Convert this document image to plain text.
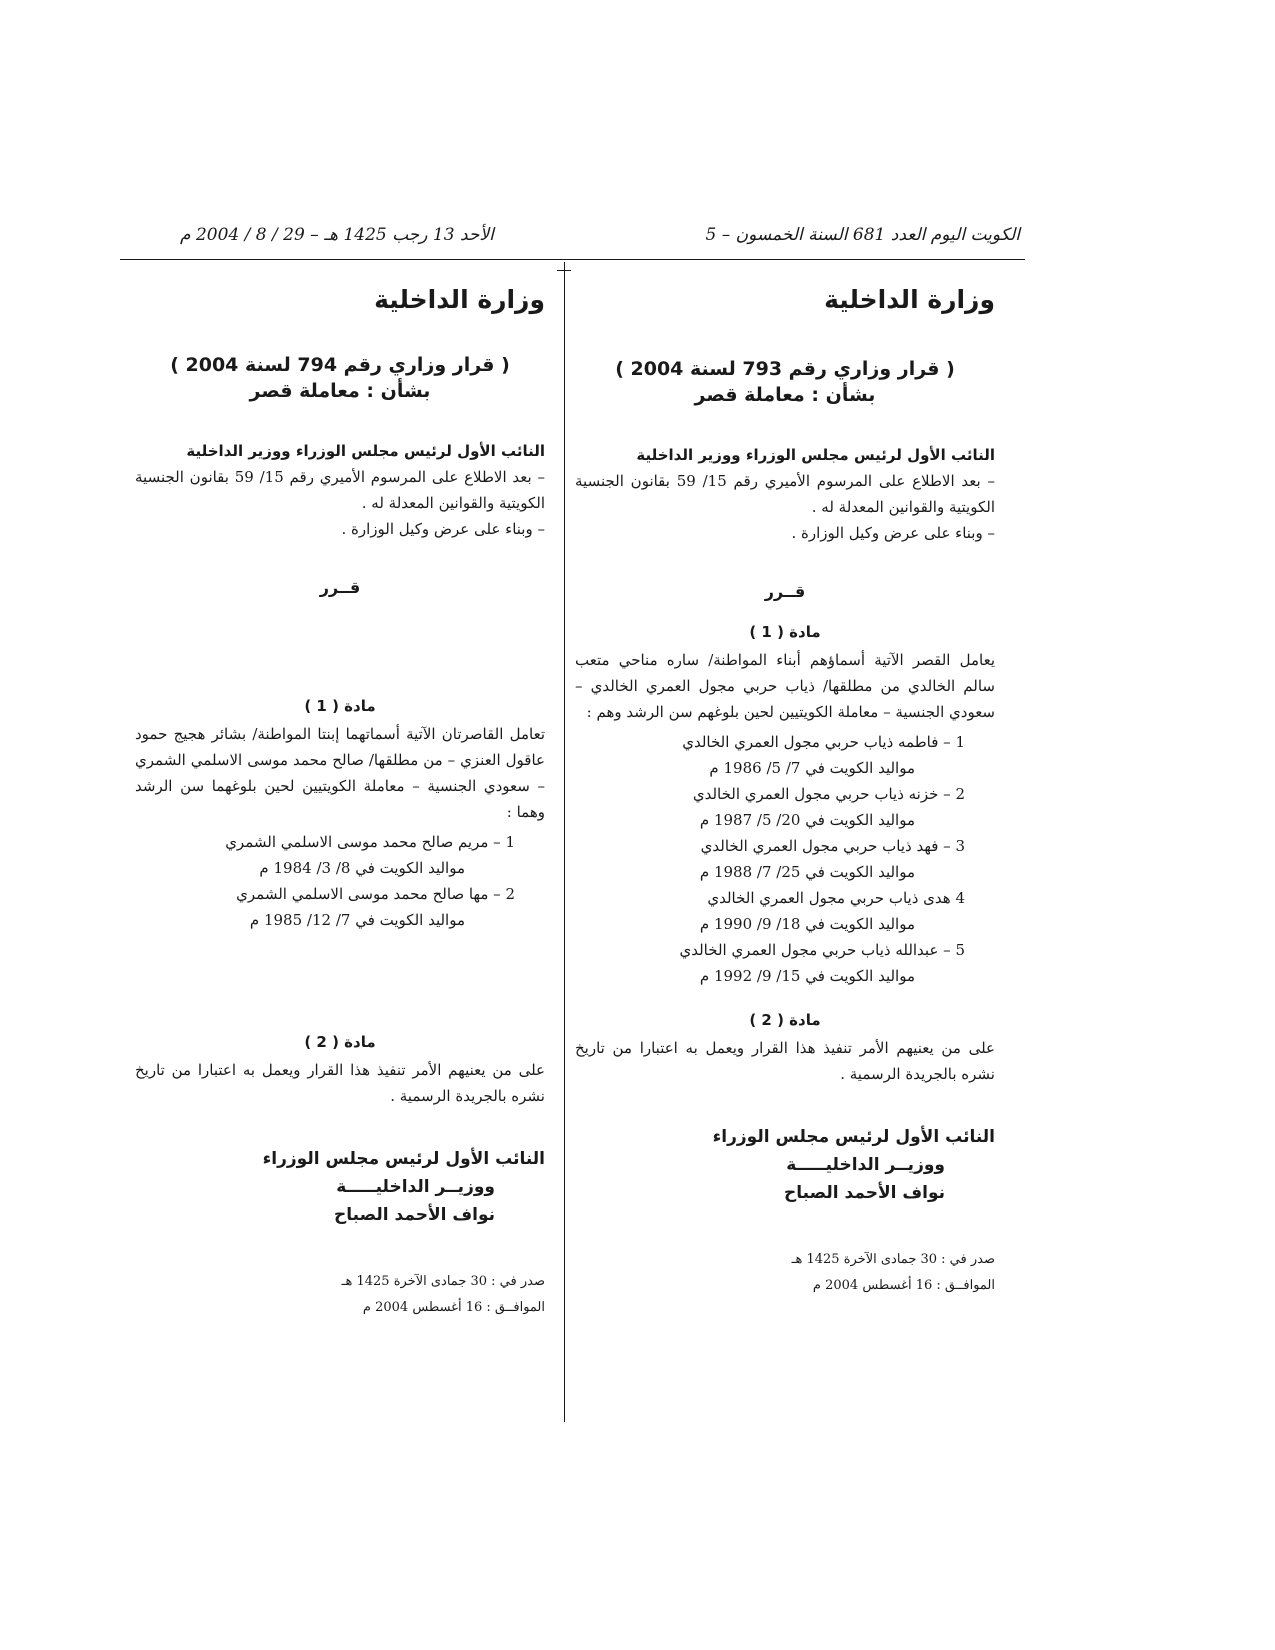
الكويت اليوم العدد 681 السنة الخمسون – 5
الأحد 13 رجب 1425 هـ – 29 / 8 / 2004 م
وزارة الداخلية
( قرار وزاري رقم 793 لسنة 2004 )
بشأن : معاملة قصر
النائب الأول لرئيس مجلس الوزراء ووزير الداخلية

– بعد الاطلاع على المرسوم الأميري رقم 15/ 59 بقانون الجنسية الكويتية والقوانين المعدلة له .

– وبناء على عرض وكيل الوزارة .

قــرر
مادة ( 1 )

يعامل القصر الآتية أسماؤهم أبناء المواطنة/ ساره مناحي متعب سالم الخالدي من مطلقها/ ذياب حربي مجول العمري الخالدي – سعودي الجنسية – معاملة الكويتيين لحين بلوغهم سن الرشد وهم :

1 – فاطمه ذياب حربي مجول العمري الخالدي
مواليد الكويت في 7/ 5/ 1986 م
2 – خزنه ذياب حربي مجول العمري الخالدي
مواليد الكويت في 20/ 5/ 1987 م
3 – فهد ذياب حربي مجول العمري الخالدي
مواليد الكويت في 25/ 7/ 1988 م
4 هدى ذياب حربي مجول العمري الخالدي
مواليد الكويت في 18/ 9/ 1990 م
5 – عبدالله ذياب حربي مجول العمري الخالدي
مواليد الكويت في 15/ 9/ 1992 م
مادة ( 2 )

على من يعنيهم الأمر تنفيذ هذا القرار ويعمل به اعتبارا من تاريخ نشره بالجريدة الرسمية .

النائب الأول لرئيس مجلس الوزراء
ووزيــر الداخليـــــة
نواف الأحمد الصباح
صدر في : 30 جمادى الآخرة 1425 هـ
الموافــق : 16 أغسطس 2004 م
وزارة الداخلية
( قرار وزاري رقم 794 لسنة 2004 )
بشأن : معاملة قصر
النائب الأول لرئيس مجلس الوزراء ووزير الداخلية

– بعد الاطلاع على المرسوم الأميري رقم 15/ 59 بقانون الجنسية الكويتية والقوانين المعدلة له .

– وبناء على عرض وكيل الوزارة .

قــرر
مادة ( 1 )

تعامل القاصرتان الآتية أسماتهما إبنتا المواطنة/ بشائر هجيج حمود عاقول العنزي – من مطلقها/ صالح محمد موسى الاسلمي الشمري – سعودي الجنسية – معاملة الكويتيين لحين بلوغهما سن الرشد وهما :

1 – مريم صالح محمد موسى الاسلمي الشمري
مواليد الكويت في 8/ 3/ 1984 م
2 – مها صالح محمد موسى الاسلمي الشمري
مواليد الكويت في 7/ 12/ 1985 م
مادة ( 2 )

على من يعنيهم الأمر تنفيذ هذا القرار ويعمل به اعتبارا من تاريخ نشره بالجريدة الرسمية .

النائب الأول لرئيس مجلس الوزراء
ووزيــر الداخليـــــة
نواف الأحمد الصباح
صدر في : 30 جمادى الآخرة 1425 هـ
الموافــق : 16 أغسطس 2004 م
